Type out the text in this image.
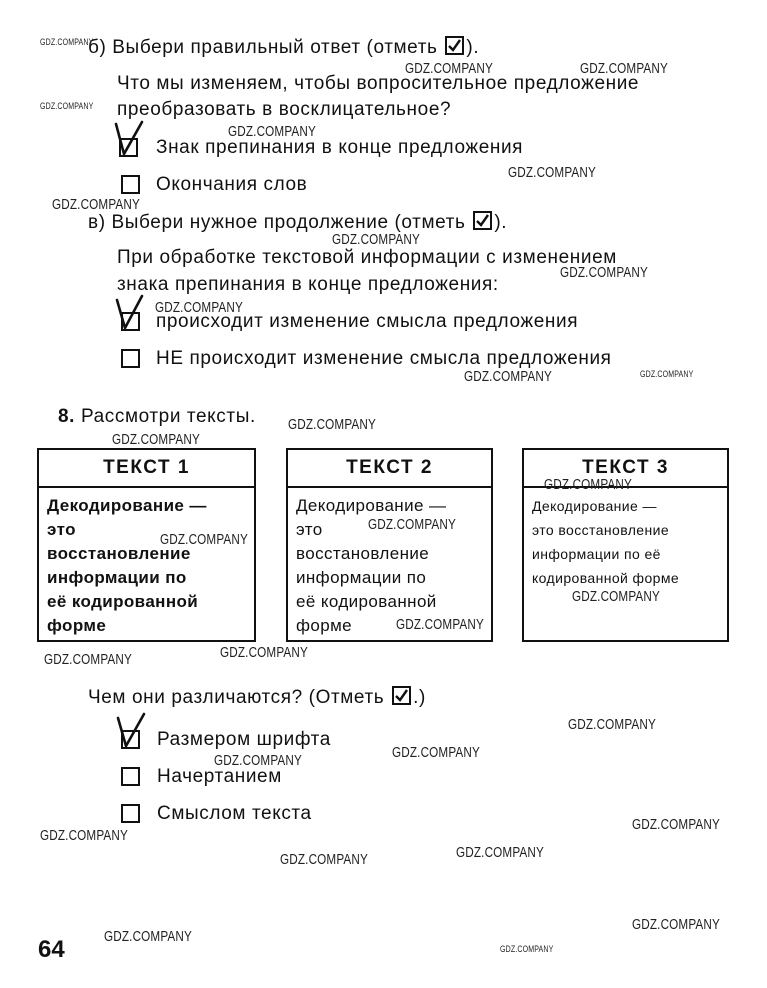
б) Выбери правильный ответ (отметь ).
Что мы изменяем, чтобы вопросительное предложение
преобразовать в восклицательное?
Знак препинания в конце предложения
Окончания слов
в) Выбери нужное продолжение (отметь ).
При обработке текстовой информации с изменением
знака препинания в конце предложения:
происходит изменение смысла предложения
НЕ происходит изменение смысла предложения
8. Рассмотри тексты.
ТЕКСТ 1
Декодирование —
это
восстановление
информации по
её кодированной
форме
ТЕКСТ 2
Декодирование —
это
восстановление
информации по
её кодированной
форме
ТЕКСТ 3
Декодирование —
это восстановление
информации по её
кодированной форме
Чем они различаются? (Отметь .)
Размером шрифта
Начертанием
Смыслом текста
64
GDZ.COMPANY
GDZ.COMPANY	GDZ.COMPANY
GDZ.COMPANY
GDZ.COMPANY
GDZ.COMPANY
GDZ.COMPANY
GDZ.COMPANY
GDZ.COMPANY
GDZ.COMPANY
GDZ.COMPANY	GDZ.COMPANY
GDZ.COMPANY
GDZ.COMPANY
GDZ.COMPANY
GDZ.COMPANY
GDZ.COMPANY
GDZ.COMPANY
GDZ.COMPANY
GDZ.COMPANY
GDZ.COMPANY
GDZ.COMPANY
GDZ.COMPANY
GDZ.COMPANY
GDZ.COMPANY
GDZ.COMPANY
GDZ.COMPANY
GDZ.COMPANY
GDZ.COMPANY
GDZ.COMPANY
GDZ.COMPANY
